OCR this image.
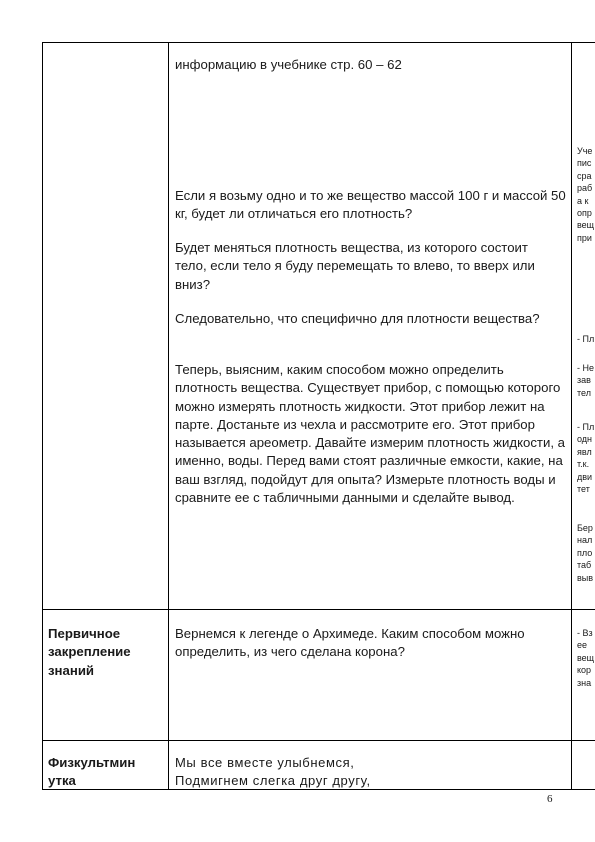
информацию в учебнике стр. 60 – 62
Если я возьму одно и то же вещество массой 100 г и массой 50 кг, будет ли отличаться его плотность?
Будет меняться плотность вещества, из которого состоит тело, если тело я буду перемещать то влево, то вверх или вниз?
Следовательно, что специфично для плотности вещества?
Теперь, выясним, каким способом можно определить плотность вещества. Существует прибор, с помощью которого можно измерять плотность жидкости. Этот прибор лежит на парте. Достаньте из чехла и рассмотрите его. Этот прибор называется ареометр. Давайте измерим плотность жидкости, а именно, воды. Перед вами стоят различные емкости, какие, на ваш взгляд, подойдут для опыта? Измерьте плотность воды и сравните ее с табличными данными и сделайте вывод.
Уче
пис
сра
раб
а к
опр
вещ
при
- Пл
- Не
зав
тел
- Пл
одн
явл
т.к.
дви
тет
Бер
нал
пло
таб
выв
Первичное закрепление знаний
Вернемся к легенде о Архимеде. Каким способом можно определить, из чего сделана корона?
- Вз
ее
вещ
кор
зна
Физкультмин утка
Мы все вместе улыбнемся,
Подмигнем слегка друг другу,
6
